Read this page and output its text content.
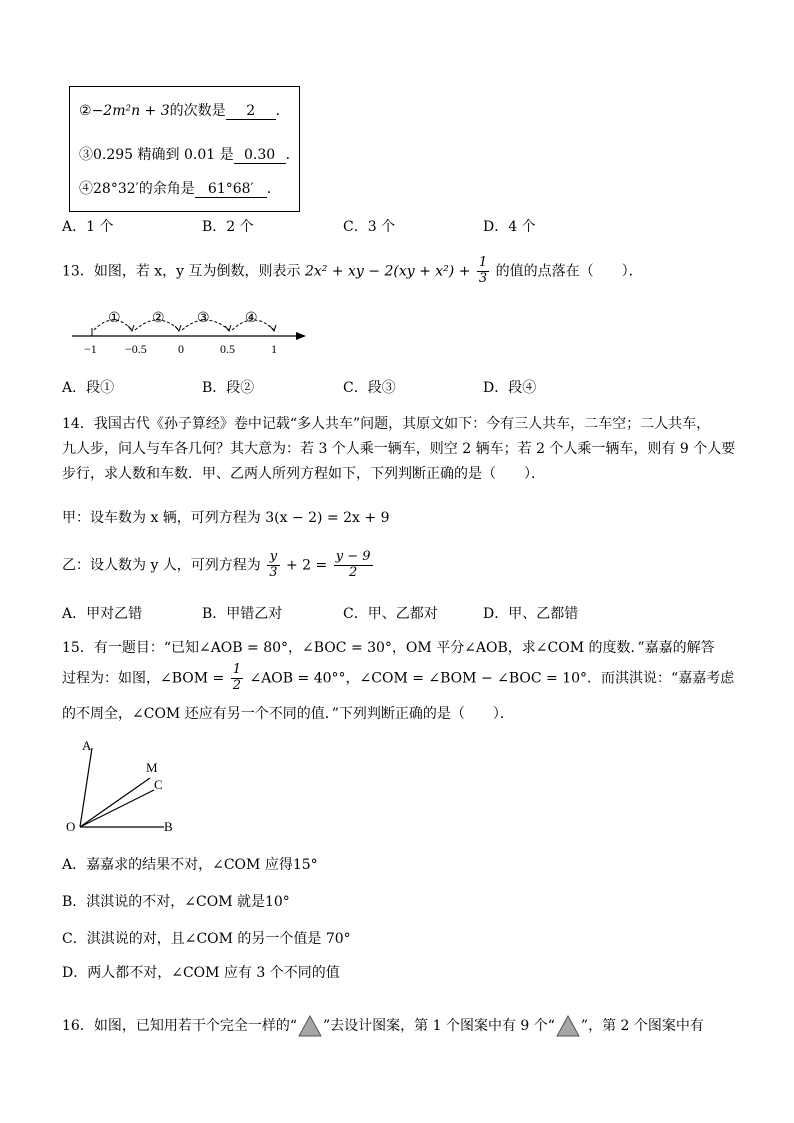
②−2m²n + 3的次数是 2 ．
③0.295 精确到 0.01 是 0.30 ．
④28°32′的余角是 61°68′ ．
A．1 个	B．2 个	C．3 个	D．4 个
13．如图，若 x，y 互为倒数，则表示 2x² + xy − $2(xy + x^2) + \frac{1}{3}$ 的值的点落在（　　）．
① ② ③	④
−1 −0.5	0	0.5	1
A．段①	B．段②	C．段③	D．段④
14．我国古代《孙子算经》卷中记载“多人共车”问题，其原文如下：今有三人共车，二车空；二人共车，
九人步，问人与车各几何？其大意为：若 3 个人乘一辆车，则空 2 辆车；若 2 个人乘一辆车，则有 9 个人要
步行，求人数和车数．甲、乙两人所列方程如下，下列判断正确的是（　　）．
甲：设车数为 x 辆，可列方程为 3(x − 2) = 2x + 9
乙：设人数为 y 人，可列方程为 $\frac{y}{3} + 2 = \frac{y - 9}{2}$
A．甲对乙错	B．甲错乙对	C．甲、乙都对	D．甲、乙都错
15．有一题目：“已知∠AOB = 80°，∠BOC = 30°，OM 平分∠AOB，求∠COM 的度数．”嘉嘉的解答
过程为：如图，∠BOM = $\frac{1}{2}$ ∠AOB = 40°°，∠COM = ∠BOM − ∠BOC = 10°．而淇淇说：“嘉嘉考虑
的不周全，∠COM 还应有另一个不同的值．”下列判断正确的是（　　）．
A
M
C
O	B
A．嘉嘉求的结果不对，∠COM 应得15°
B．淇淇说的不对，∠COM 就是10°
C．淇淇说的对，且∠COM 的另一个值是 70°
D．两人都不对，∠COM 应有 3 个不同的值
16．如图，已知用若干个完全一样的“ ”去设计图案，第 1 个图案中有 9 个“ ”，第 2 个图案中有
